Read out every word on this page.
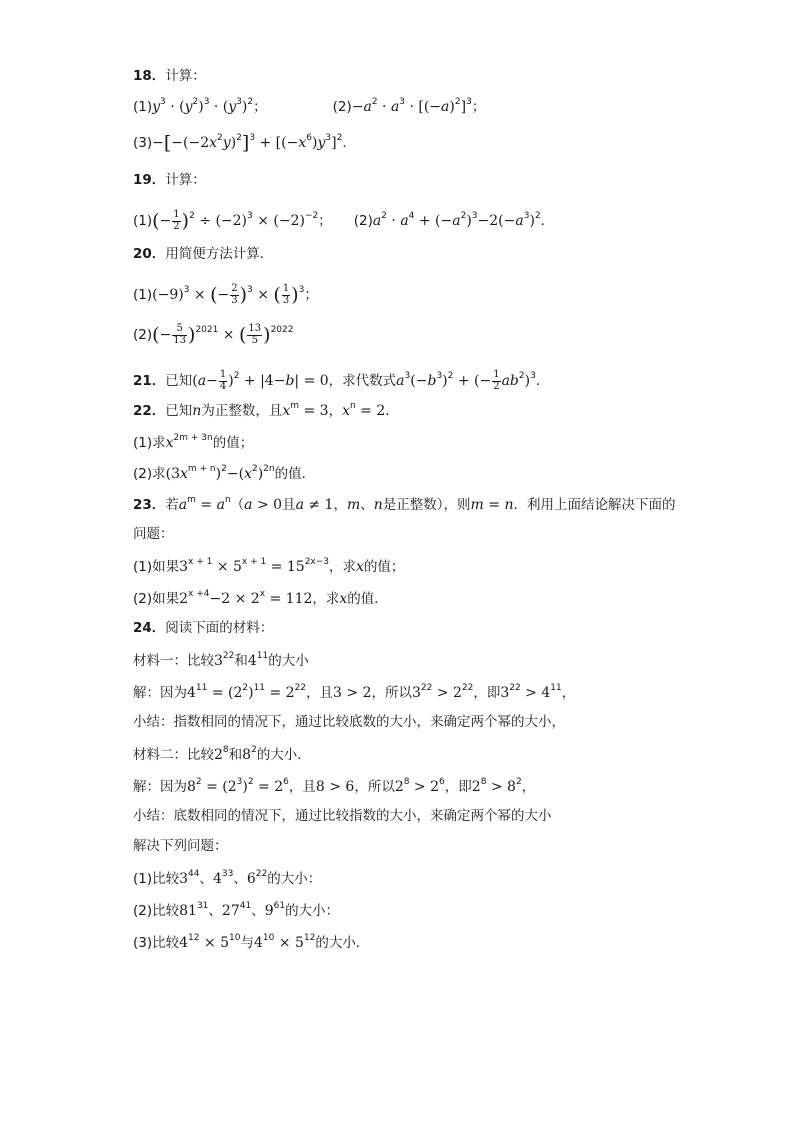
18．计算：
$(1)y^3 \cdot (y^2)^3 \cdot (y^3)^2$；	$(2)-a^2 \cdot a^3 \cdot [(-a)^2]^3$；
$(3)-[-(-2x^2y)^2]^3 + [(-x^6)y^3]^2$．
19．计算：
$(1)(- \frac{1}{2} )^2 \div (-2)^3 \times (-2)^{-2}$； $(2)a^2 \cdot a^4 + (-a^2)^3-2(-a^3)^2$．
20．用简便方法计算．
$(1)(-9)^3$ × (− $\frac{2}{3} )^3$ × ( $\frac{1}{3} )^3$；
$(2)(- \frac{5}{13} )^{2021}$ × ( $\frac{13}{5} )^{2022}$
21．已知$(a- \frac{1}{4} )^2 + |4-b| = 0$，求代数式$a^3(-b^3)^2$ + (− $\frac{1}{2} ab^2)^3$．
22．已知n为正整数，且$x^m = 3$，$x^n = 2$．
(1)求$x^{2m + 3n}$的值；
(2)求$(3x^{m + n})^2-(x^2)^{2n}$的值．
23．若$a^m = a^n(a > 0$且a ≠ 1，m、n是正整数），则m = n．利用上面结论解决下面的
问题：
(1)如果$3^{x + 1} \times 5^{x + 1} = 15^{2x-3}$，求x的值；
(2)如果$2^{x +4}-2 \times 2^x = 112$，求x的值．
24．阅读下面的材料：
材料一：比较$3^{22}$和$4^{11}$的大小
解：因为$4^{11} = (2^2)^{11} = 2^{22}$，且3 > 2，所以$3^{22} > 2^{22}$，即$3^{22} > 4^{11}$，
小结：指数相同的情况下，通过比较底数的大小，来确定两个幂的大小，
材料二：比较$2^8$和$8^2$的大小．
解：因为$8^2 = (2^3)^2 = 2^6$，且8 > 6，所以$2^8 > 2^6$，即$2^8 > 8^2$，
小结：底数相同的情况下，通过比较指数的大小，来确定两个幂的大小
解决下列问题：
(1)比较$3^{44}$、$4^{33}$、$6^{22}$的大小：
(2)比较$81^{31}$、$27^{41}$、$9^{61}$的大小：
(3)比较$4^{12} \times 5^{10}$与$4^{10} \times 5^{12}$的大小．
